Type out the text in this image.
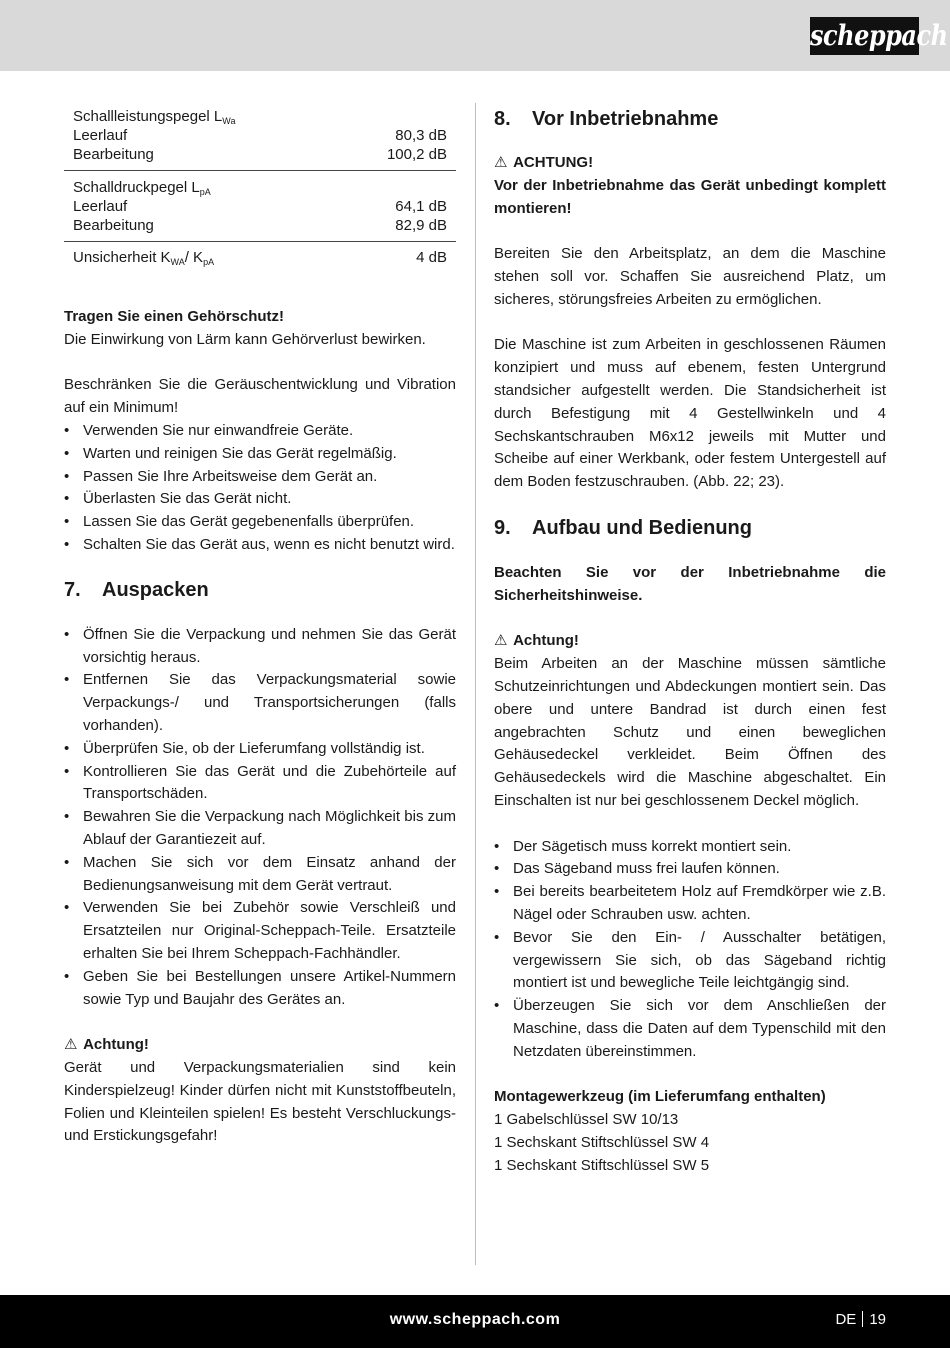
scheppach
Schallleistungspegel $L_{Wa}$
Leerlauf	80,3 dB
Bearbeitung	100,2 dB
Schalldruckpegel $L_{pA}$
Leerlauf	64,1 dB
Bearbeitung	82,9 dB
Unsicherheit $K_{WA}/$ $K_{pA}$	4 dB

Tragen Sie einen Gehörschutz!

Die Einwirkung von Lärm kann Gehörverlust bewirken.

Beschränken Sie die Geräuschentwicklung und Vibration auf ein Minimum!

• Verwenden Sie nur einwandfreie Geräte.
• Warten und reinigen Sie das Gerät regelmäßig.
• Passen Sie Ihre Arbeitsweise dem Gerät an.
• Überlasten Sie das Gerät nicht.
• Lassen Sie das Gerät gegebenenfalls überprüfen.
• Schalten Sie das Gerät aus, wenn es nicht benutzt wird.
7.	Auspacken
• Öffnen Sie die Verpackung und nehmen Sie das Gerät vorsichtig heraus.
• Entfernen Sie das Verpackungsmaterial sowie Verpackungs-/ und Transportsicherungen (falls vorhanden).
• Überprüfen Sie, ob der Lieferumfang vollständig ist.
• Kontrollieren Sie das Gerät und die Zubehörteile auf Transportschäden.
• Bewahren Sie die Verpackung nach Möglichkeit bis zum Ablauf der Garantiezeit auf.
• Machen Sie sich vor dem Einsatz anhand der Bedienungsanweisung mit dem Gerät vertraut.
• Verwenden Sie bei Zubehör sowie Verschleiß und Ersatzteilen nur Original-Scheppach-Teile. Ersatzteile erhalten Sie bei Ihrem Scheppach-Fachhändler.
• Geben Sie bei Bestellungen unsere Artikel-Nummern sowie Typ und Baujahr des Gerätes an.

⚠ Achtung!

Gerät und Verpackungsmaterialien sind kein Kinderspielzeug! Kinder dürfen nicht mit Kunststoffbeuteln, Folien und Kleinteilen spielen! Es besteht Verschluckungs- und Erstickungsgefahr!

8.	Vor Inbetriebnahme

⚠ ACHTUNG!

Vor der Inbetriebnahme das Gerät unbedingt komplett montieren!

Bereiten Sie den Arbeitsplatz, an dem die Maschine stehen soll vor. Schaffen Sie ausreichend Platz, um sicheres, störungsfreies Arbeiten zu ermöglichen.

Die Maschine ist zum Arbeiten in geschlossenen Räumen konzipiert und muss auf ebenem, festen Untergrund standsicher aufgestellt werden. Die Standsicherheit ist durch Befestigung mit 4 Gestellwinkeln und 4 Sechskantschrauben M6x12 jeweils mit Mutter und Scheibe auf einer Werkbank, oder festem Untergestell auf dem Boden festzuschrauben. (Abb. 22; 23).

9.	Aufbau und Bedienung

Beachten Sie vor der Inbetriebnahme die Sicherheitshinweise.

⚠ Achtung!

Beim Arbeiten an der Maschine müssen sämtliche Schutzeinrichtungen und Abdeckungen montiert sein. Das obere und untere Bandrad ist durch einen fest angebrachten Schutz und einen beweglichen Gehäusedeckel verkleidet. Beim Öffnen des Gehäusedeckels wird die Maschine abgeschaltet. Ein Einschalten ist nur bei geschlossenem Deckel möglich.

• Der Sägetisch muss korrekt montiert sein.
• Das Sägeband muss frei laufen können.
• Bei bereits bearbeitetem Holz auf Fremdkörper wie z.B. Nägel oder Schrauben usw. achten.
• Bevor Sie den Ein- / Ausschalter betätigen, vergewissern Sie sich, ob das Sägeband richtig montiert ist und bewegliche Teile leichtgängig sind.
• Überzeugen Sie sich vor dem Anschließen der Maschine, dass die Daten auf dem Typenschild mit den Netzdaten übereinstimmen.

Montagewerkzeug (im Lieferumfang enthalten)

1 Gabelschlüssel SW 10/13

1 Sechskant Stiftschlüssel SW 4

1 Sechskant Stiftschlüssel SW 5

www.scheppach.com	DE 19
